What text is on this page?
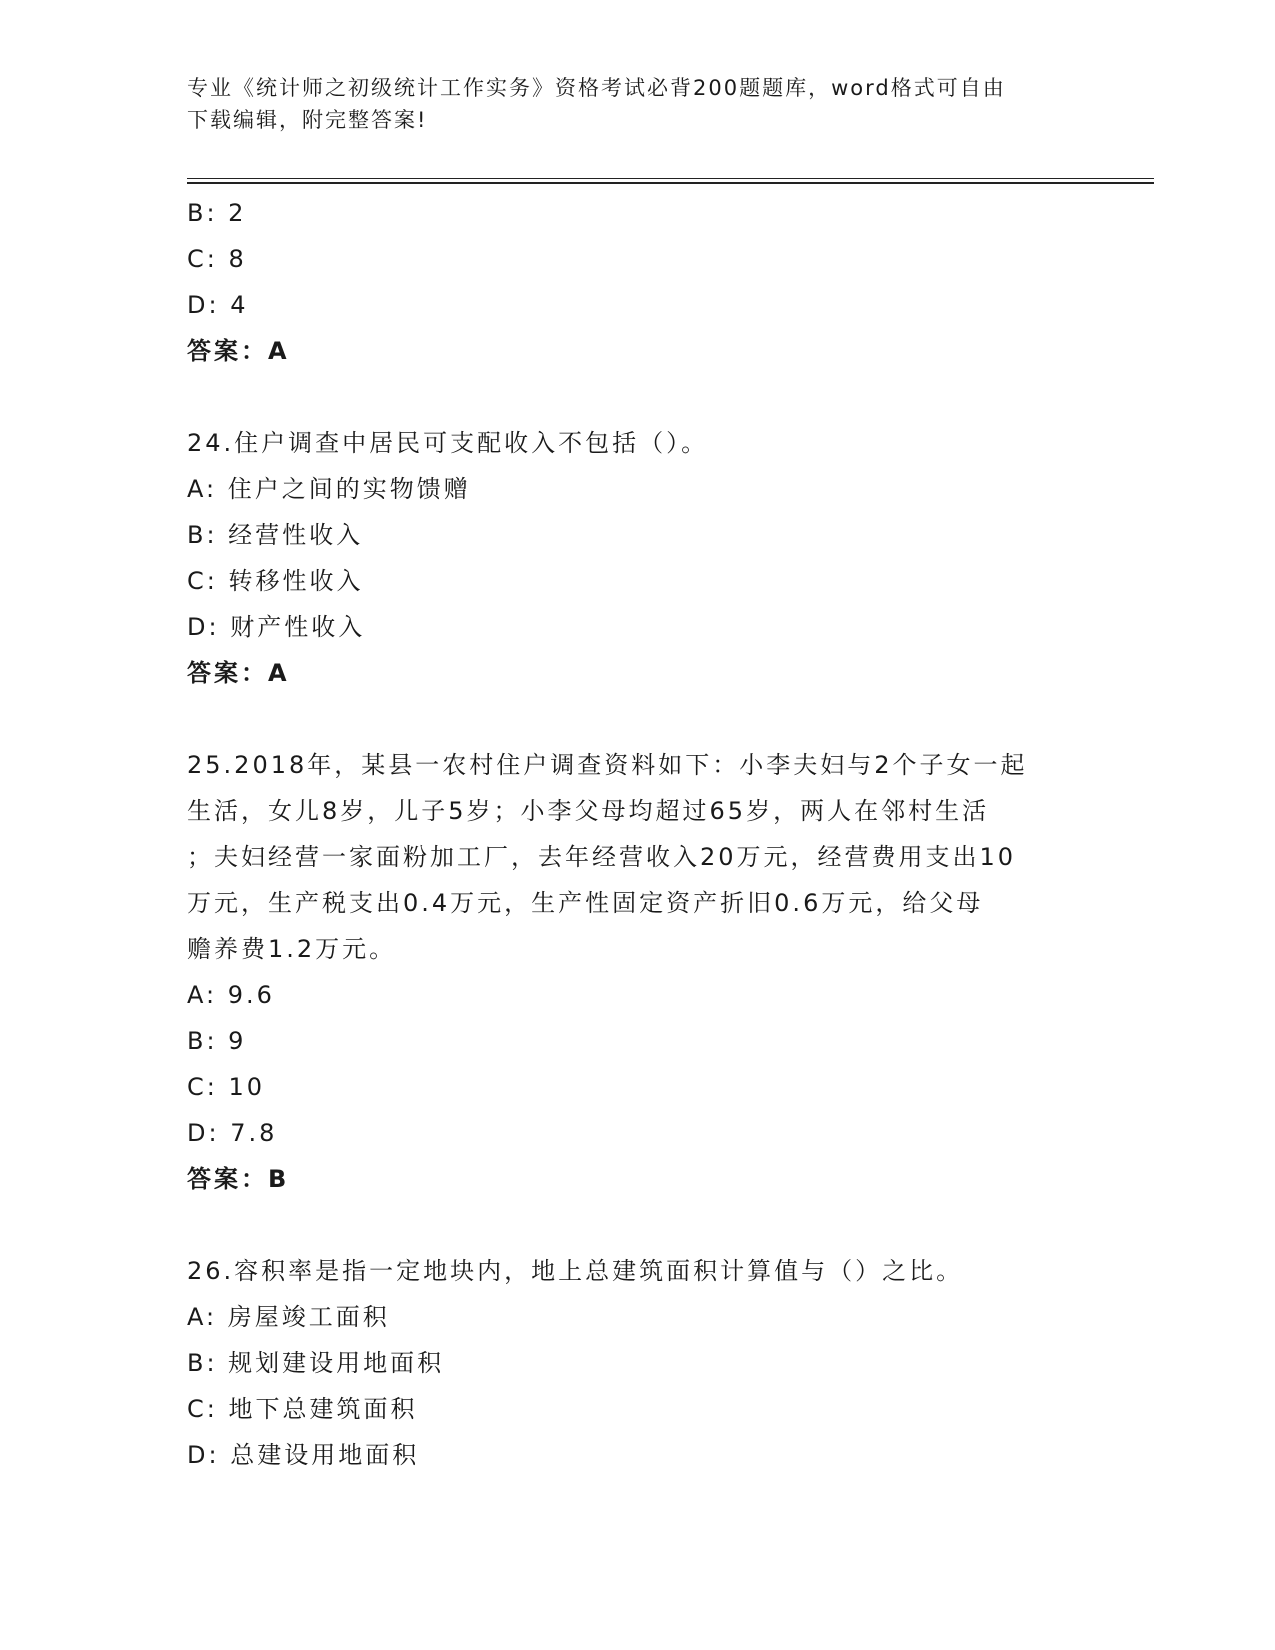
专业《统计师之初级统计工作实务》资格考试必背200题题库，word格式可自由
下载编辑，附完整答案!
B: 2
C: 8
D: 4
答案：A
24.住户调查中居民可支配收入不包括（）。
A: 住户之间的实物馈赠
B: 经营性收入
C: 转移性收入
D: 财产性收入
答案：A
25.2018年，某县一农村住户调查资料如下：小李夫妇与2个子女一起
生活，女儿8岁，儿子5岁；小李父母均超过65岁，两人在邻村生活
；夫妇经营一家面粉加工厂，去年经营收入20万元，经营费用支出10
万元，生产税支出0.4万元，生产性固定资产折旧0.6万元，给父母
赡养费1.2万元。
A: 9.6
B: 9
C: 10
D: 7.8
答案：B
26.容积率是指一定地块内，地上总建筑面积计算值与（）之比。
A: 房屋竣工面积
B: 规划建设用地面积
C: 地下总建筑面积
D: 总建设用地面积
